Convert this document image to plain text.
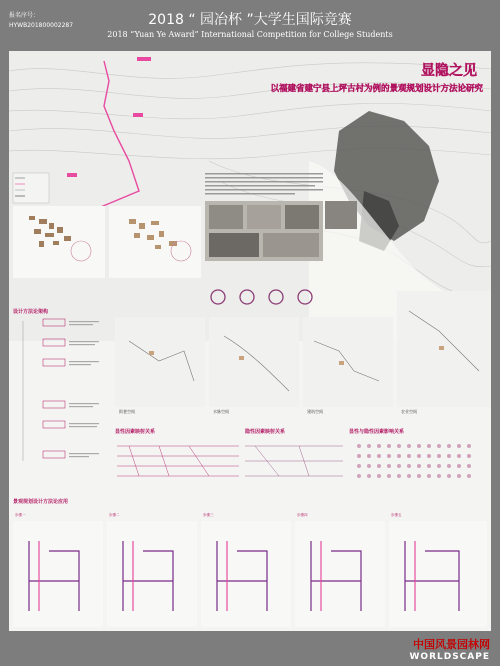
报名序号：
HYWB201800002287	2018 “ 园冶杯 ”大学生国际竞赛
2018 “Yuan Ye Award” International Competition for College Students
显隐之见
以福建省建宁县上坪古村为例的景观规划设计方法论研究
设计方法论架构
街巷空间	水脉空间	建筑空间	农业空间
显性因素映射关系	隐性因素映射关系	显性与隐性因素影响关系
景观规划设计方法论应用
步骤一	步骤二	步骤三	步骤四	步骤五
中国风景园林网
WORLDSCAPE
